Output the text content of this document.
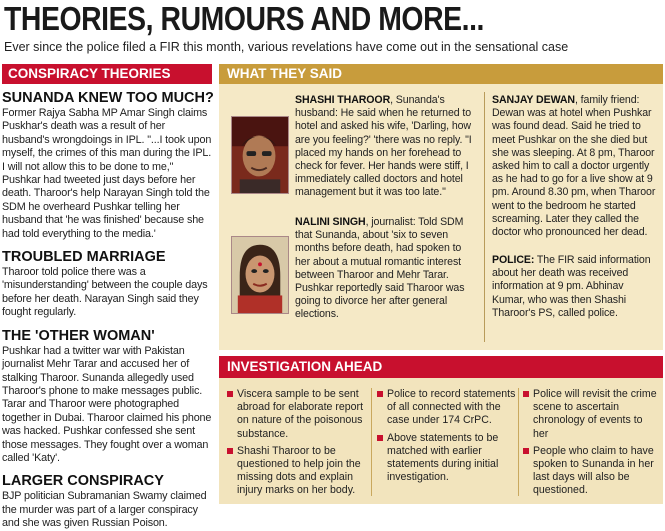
THEORIES, RUMOURS AND MORE...
Ever since the police filed a FIR this month, various revelations have come out in the sensational case
CONSPIRACY THEORIES
SUNANDA KNEW TOO MUCH?
Former Rajya Sabha MP Amar Singh claims Puskhar's death was a result of her husband's wrongdoings in IPL. "...I took upon myself, the crimes of this man during the IPL. I will not allow this to be done to me," Pushkar had tweeted just days before her death. Tharoor's help Narayan Singh told the SDM he overheard Pushkar telling her husband that 'he was finished' because she had told everything to the media.'
TROUBLED MARRIAGE
Tharoor told police there was a 'misunderstanding' between the couple days before her death. Narayan Singh said they fought regularly.
THE 'OTHER WOMAN'
Pushkar had a twitter war with Pakistan journalist Mehr Tarar and accused her of stalking Tharoor. Sunanda allegedly used Tharoor's phone to make messages public. Tarar and Tharoor were photographed together in Dubai. Tharoor claimed his phone was hacked. Pushkar confessed she sent those messages. They fought over a woman called 'Katy'.
LARGER CONSPIRACY
BJP politician Subramanian Swamy claimed the murder was part of a larger conspiracy and she was given Russian Poison.
WHAT THEY SAID
SHASHI THAROOR, Sunanda's husband: He said when he returned to hotel and asked his wife, 'Darling, how are you feeling?' 'there was no reply. "I placed my hands on her forehead to check for fever. Her hands were stiff, I immediately called doctors and hotel management but it was too late."
NALINI SINGH, journalist: Told SDM that Sunanda, about 'six to seven months before death, had spoken to her about a mutual romantic interest between Tharoor and Mehr Tarar. Pushkar reportedly said Tharoor was going to divorce her after general elections.
SANJAY DEWAN, family friend: Dewan was at hotel when Pushkar was found dead. Said he tried to meet Pushkar on the she died but she was sleeping. At 8 pm, Tharoor asked him to call a doctor urgently as he had to go for a live show at 9 pm. Around 8.30 pm, when Tharoor went to the bedroom he started screaming. Later they called the doctor who pronounced her dead.
POLICE: The FIR said information about her death was received information at 9 pm. Abhinav Kumar, who was then Shashi Tharoor's PS, called police.
INVESTIGATION AHEAD
Viscera sample to be sent abroad for elaborate report on nature of the poisonous substance.
Shashi Tharoor to be questioned to help join the missing dots and explain injury marks on her body.
Police to record statements of all connected with the case under 174 CrPC.
Above statements to be matched with earlier statements during initial investigation.
Police will revisit the crime scene to ascertain chronology of events to her
People who claim to have spoken to Sunanda in her last days will also be questioned.
